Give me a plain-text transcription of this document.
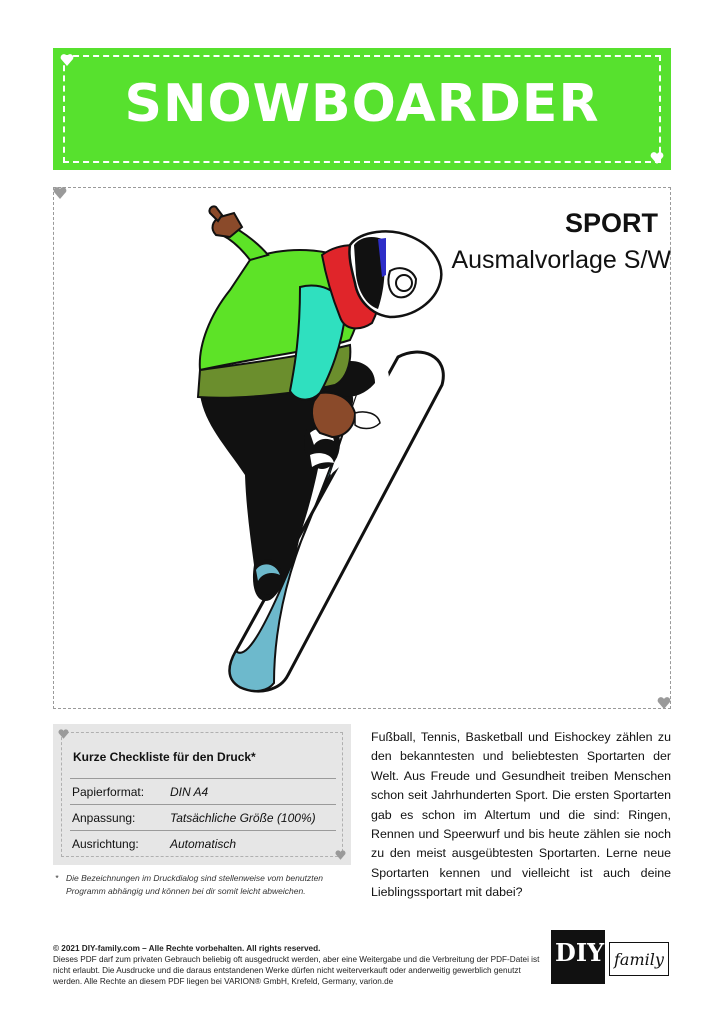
SNOWBOARDER
SPORT
Ausmalvorlage S/W
Kurze Checkliste für den Druck*
Papierformat: DIN A4
Anpassung:	Tatsächliche Größe (100%)
Ausrichtung:	Automatisch
* Die Bezeichnungen im Druckdialog sind stellenweise vom benutzten Programm abhängig und können bei dir somit leicht abweichen.
Fußball, Tennis, Basketball und Eishockey zählen zu den bekanntesten und beliebtesten Sportarten der Welt. Aus Freude und Gesundheit treiben Menschen schon seit Jahrhunderten Sport. Die ersten Sportarten gab es schon im Altertum und die sind: Ringen, Rennen und Speerwurf und bis heute zählen sie noch zu den meist ausgeübtesten Sportarten. Lerne neue Sportarten kennen und vielleicht ist auch deine Lieblingssportart mit dabei?
© 2021 DIY-family.com – Alle Rechte vorbehalten. All rights reserved.
Dieses PDF darf zum privaten Gebrauch beliebig oft ausgedruckt werden, aber eine Weitergabe und die Verbreitung der PDF-Datei ist nicht erlaubt. Die Ausdrucke und die daraus entstandenen Werke dürfen nicht weiterverkauft oder anderweitig gewerblich genutzt werden. Alle Rechte an diesem PDF liegen bei VARION® GmbH, Krefeld, Germany, varion.de
DIY family
